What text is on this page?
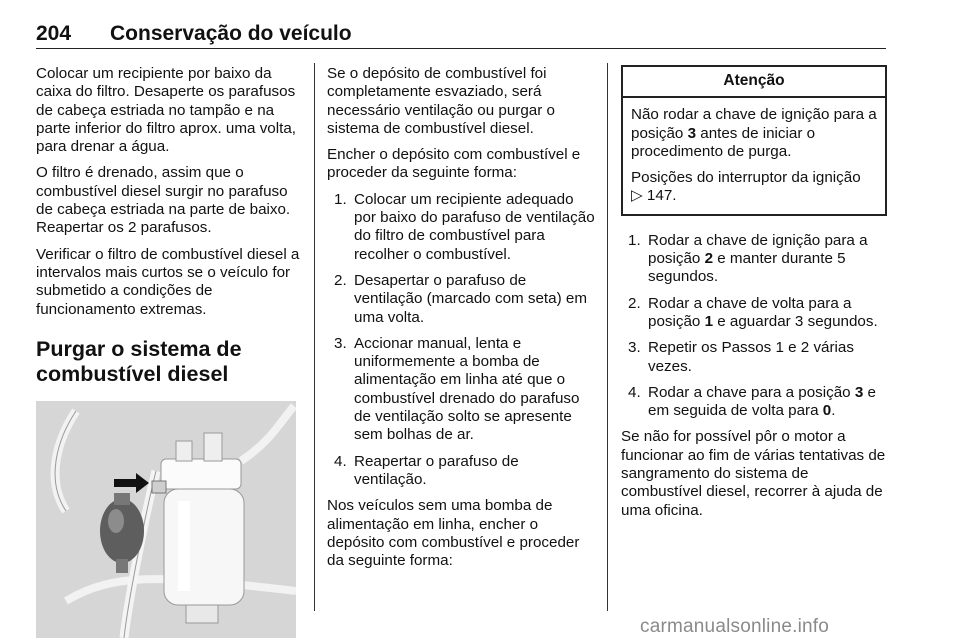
204 Conservação do veículo

Colocar um recipiente por baixo da caixa do filtro. Desaperte os parafusos de cabeça estriada no tampão e na parte inferior do filtro aprox. uma volta, para drenar a água.

O filtro é drenado, assim que o combustível diesel surgir no parafuso de cabeça estriada na parte de baixo. Reapertar os 2 parafusos.

Verificar o filtro de combustível diesel a intervalos mais curtos se o veículo for submetido a condições de funcionamento extremas.

Purgar o sistema de combustível diesel

Se o depósito de combustível foi completamente esvaziado, será necessário ventilação ou purgar o sistema de combustível diesel.

Encher o depósito com combustível e proceder da seguinte forma:

1. Colocar um recipiente adequado por baixo do parafuso de ventilação do filtro de combustível para recolher o combustível.
2. Desapertar o parafuso de ventilação (marcado com seta) em uma volta.
3. Accionar manual, lenta e uniformemente a bomba de alimentação em linha até que o combustível drenado do parafuso de ventilação solto se apresente sem bolhas de ar.
4. Reapertar o parafuso de ventilação.

Nos veículos sem uma bomba de alimentação em linha, encher o depósito com combustível e proceder da seguinte forma:

Atenção

Não rodar a chave de ignição para a posição 3 antes de iniciar o procedimento de purga.

Posições do interruptor da ignição
▷ 147.

1. Rodar a chave de ignição para a posição 2 e manter durante 5 segundos.
2. Rodar a chave de volta para a posição 1 e aguardar 3 segundos.
3. Repetir os Passos 1 e 2 várias vezes.
4. Rodar a chave para a posição 3 e em seguida de volta para 0.

Se não for possível pôr o motor a funcionar ao fim de várias tentativas de sangramento do sistema de combustível diesel, recorrer à ajuda de uma oficina.

carmanualsonline.info
